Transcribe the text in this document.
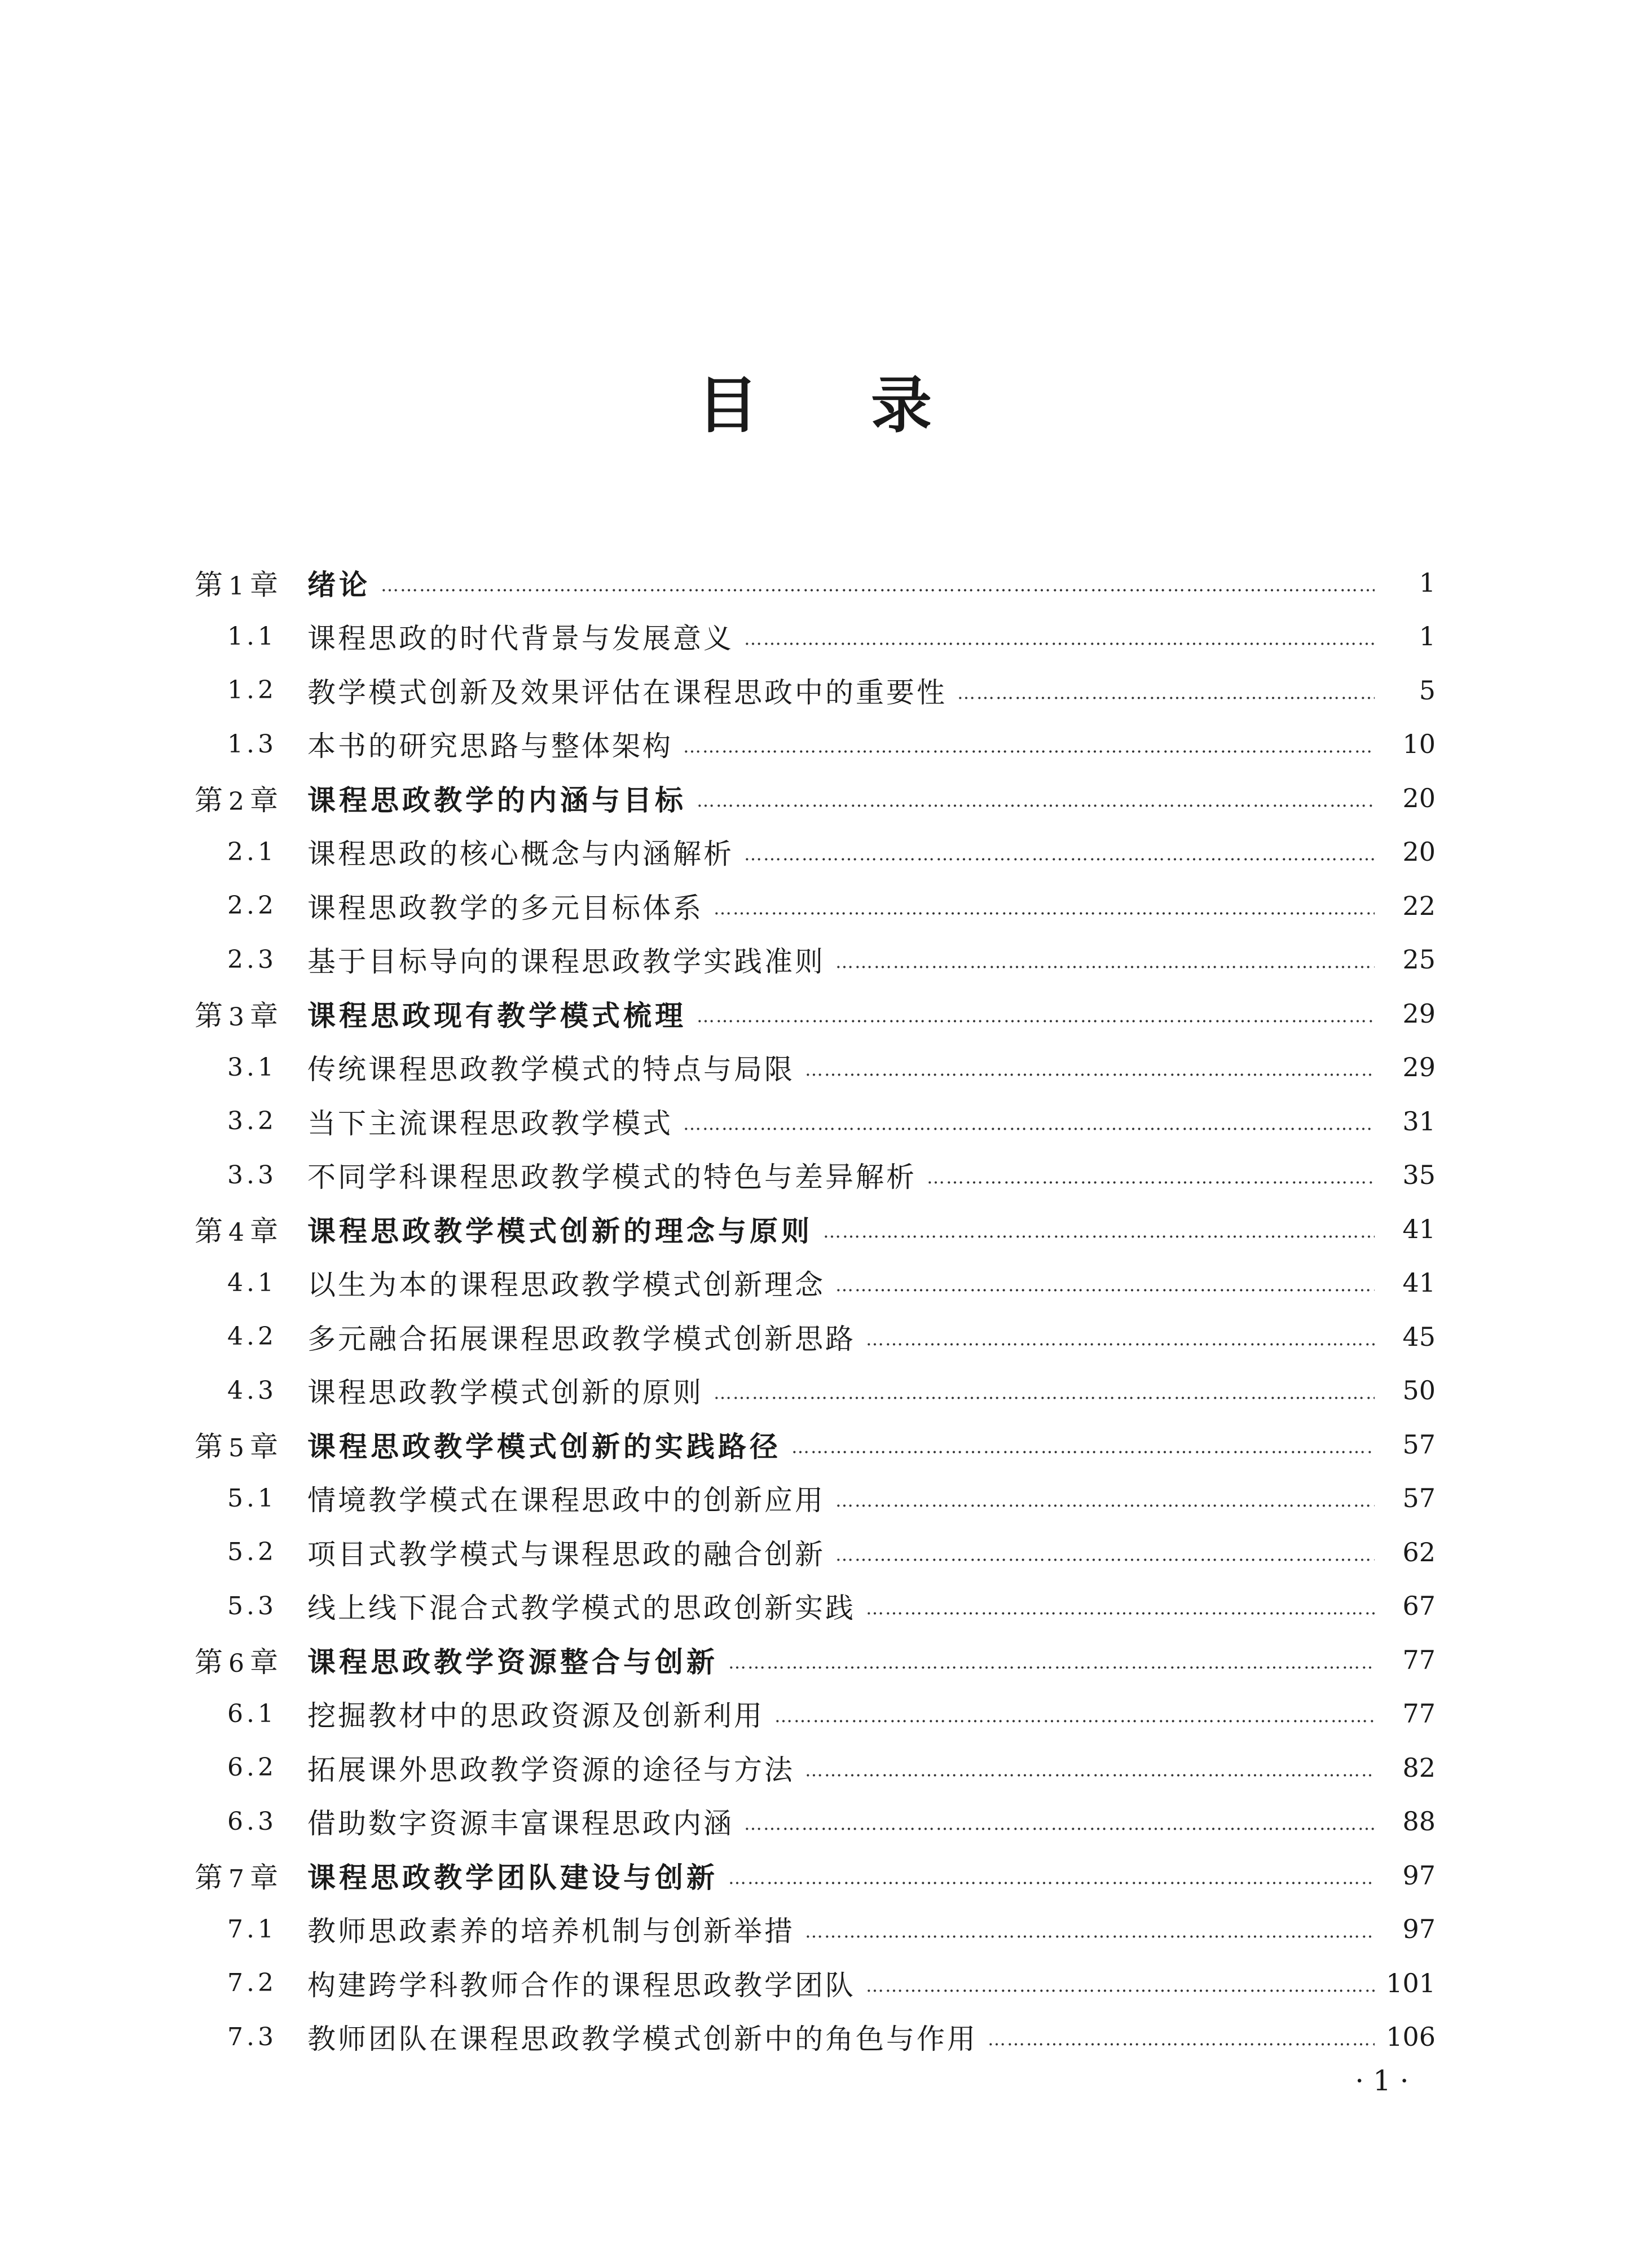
目 录
第 1 章	绪论 ………………………………………………………………………………………………………………………………………………………………………………………………………………………………………………	1
1.1	课程思政的时代背景与发展意义 ………………………………………………………………………………………………………………………………………………………………………………………………………………………………………………	1
1.2	教学模式创新及效果评估在课程思政中的重要性 ………………………………………………………………………………………………………………………………………………………………………………………………………………………………………………	5
1.3	本书的研究思路与整体架构 ………………………………………………………………………………………………………………………………………………………………………………………………………………………………………………	10
第 2 章	课程思政教学的内涵与目标 ………………………………………………………………………………………………………………………………………………………………………………………………………………………………………………	20
2.1	课程思政的核心概念与内涵解析 ………………………………………………………………………………………………………………………………………………………………………………………………………………………………………………	20
2.2	课程思政教学的多元目标体系 ………………………………………………………………………………………………………………………………………………………………………………………………………………………………………………	22
2.3	基于目标导向的课程思政教学实践准则 ………………………………………………………………………………………………………………………………………………………………………………………………………………………………………………	25
第 3 章	课程思政现有教学模式梳理 ………………………………………………………………………………………………………………………………………………………………………………………………………………………………………………	29
3.1	传统课程思政教学模式的特点与局限 ………………………………………………………………………………………………………………………………………………………………………………………………………………………………………………	29
3.2	当下主流课程思政教学模式 ………………………………………………………………………………………………………………………………………………………………………………………………………………………………………………	31
3.3	不同学科课程思政教学模式的特色与差异解析 ………………………………………………………………………………………………………………………………………………………………………………………………………………………………………………	35
第 4 章	课程思政教学模式创新的理念与原则 ………………………………………………………………………………………………………………………………………………………………………………………………………………………………………………	41
4.1	以生为本的课程思政教学模式创新理念 ………………………………………………………………………………………………………………………………………………………………………………………………………………………………………………	41
4.2	多元融合拓展课程思政教学模式创新思路 ………………………………………………………………………………………………………………………………………………………………………………………………………………………………………………	45
4.3	课程思政教学模式创新的原则 ………………………………………………………………………………………………………………………………………………………………………………………………………………………………………………	50
第 5 章	课程思政教学模式创新的实践路径 ………………………………………………………………………………………………………………………………………………………………………………………………………………………………………………	57
5.1	情境教学模式在课程思政中的创新应用 ………………………………………………………………………………………………………………………………………………………………………………………………………………………………………………	57
5.2	项目式教学模式与课程思政的融合创新 ………………………………………………………………………………………………………………………………………………………………………………………………………………………………………………	62
5.3	线上线下混合式教学模式的思政创新实践 ………………………………………………………………………………………………………………………………………………………………………………………………………………………………………………	67
第 6 章	课程思政教学资源整合与创新 ………………………………………………………………………………………………………………………………………………………………………………………………………………………………………………	77
6.1	挖掘教材中的思政资源及创新利用 ………………………………………………………………………………………………………………………………………………………………………………………………………………………………………………	77
6.2	拓展课外思政教学资源的途径与方法 ………………………………………………………………………………………………………………………………………………………………………………………………………………………………………………	82
6.3	借助数字资源丰富课程思政内涵 ………………………………………………………………………………………………………………………………………………………………………………………………………………………………………………	88
第 7 章	课程思政教学团队建设与创新 ………………………………………………………………………………………………………………………………………………………………………………………………………………………………………………	97
7.1	教师思政素养的培养机制与创新举措 ………………………………………………………………………………………………………………………………………………………………………………………………………………………………………………	97
7.2	构建跨学科教师合作的课程思政教学团队 ………………………………………………………………………………………………………………………………………………………………………………………………………………………………………………	101
7.3	教师团队在课程思政教学模式创新中的角色与作用 ………………………………………………………………………………………………………………………………………………………………………………………………………………………………………………	106
· 1 ·
